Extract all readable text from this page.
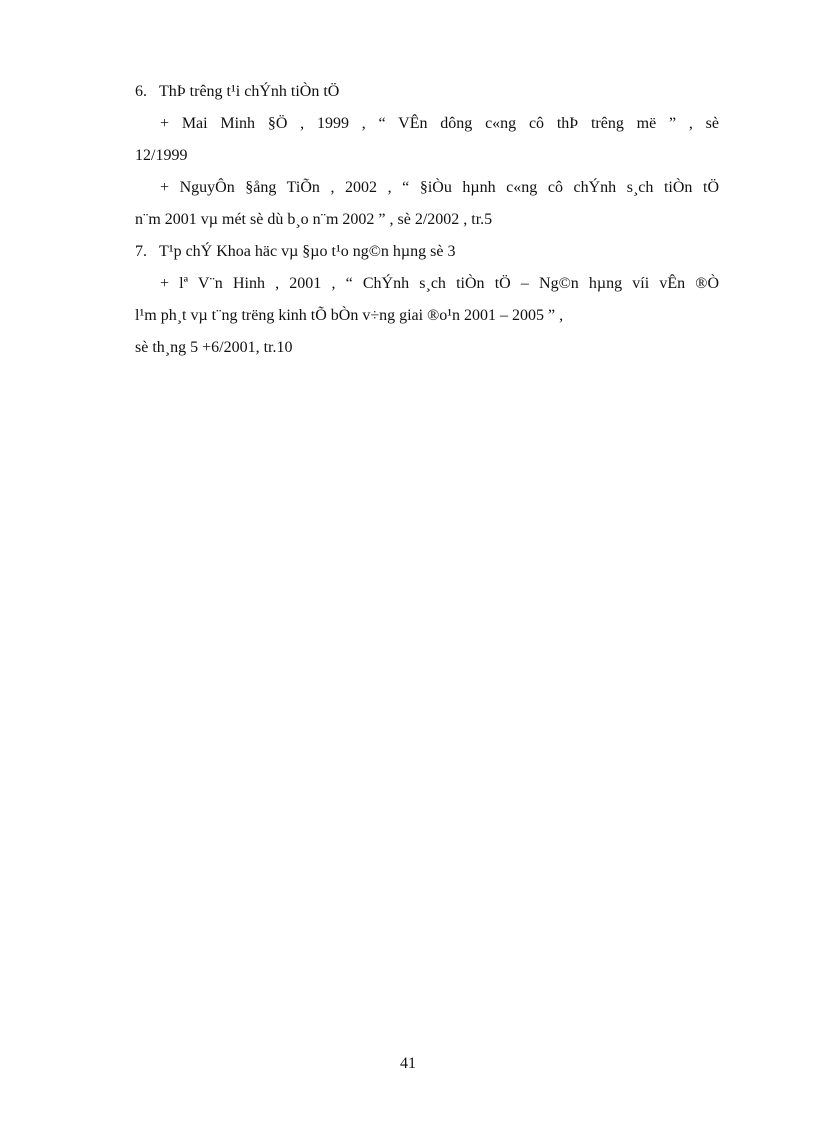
6. ThÞ trêng t¹i chÝnh tiÒn tÖ
+ Mai Minh §Ö , 1999 , “ VÊn dông c«ng cô thÞ trêng më ” , sè
12/1999
+ NguyÔn §ång TiÕn , 2002 , “ §iÒu hµnh c«ng cô chÝnh s¸ch tiÒn tÖ
n¨m 2001 vµ mét sè dù b¸o n¨m 2002 ” , sè 2/2002 , tr.5
7. T¹p chÝ Khoa häc vµ §µo t¹o ng©n hµng sè 3
+ lª V¨n Hinh , 2001 , “ ChÝnh s¸ch tiÒn tÖ – Ng©n hµng víi vÊn ®Ò
l¹m ph¸t vµ t¨ng trëng kinh tÕ bÒn v÷ng giai ®o¹n 2001 – 2005 ” ,
sè th¸ng 5 +6/2001, tr.10
41
